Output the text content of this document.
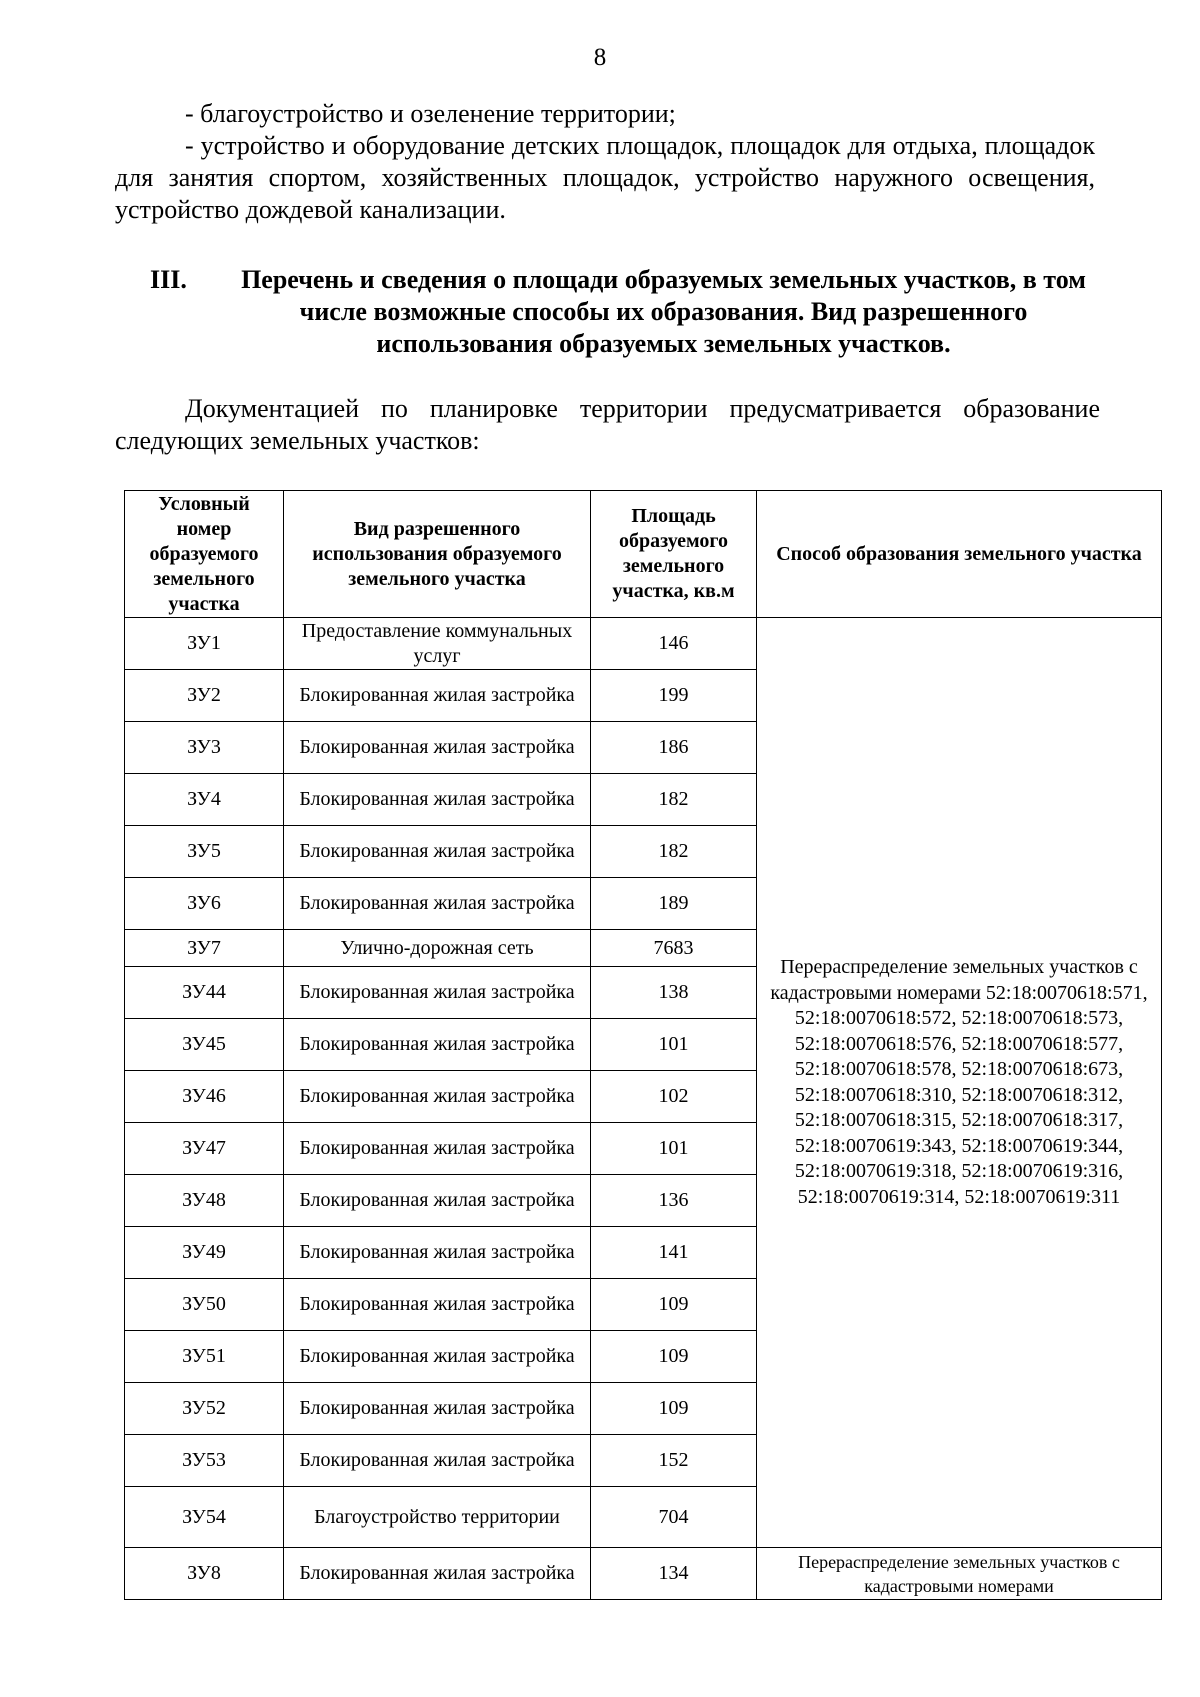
8

- благоустройство и озеленение территории;

- устройство и оборудование детских площадок, площадок для отдыха, площадок для занятия спортом, хозяйственных площадок, устройство наружного освещения, устройство дождевой канализации.

III.	Перечень и сведения о площади образуемых земельных участков, в том числе возможные способы их образования. Вид разрешенного использования образуемых земельных участков.

Документацией по планировке территории предусматривается образование следующих земельных участков:

Условный номер образуемого земельного участка	Вид разрешенного использования образуемого земельного участка	Площадь образуемого земельного участка, кв.м	Способ образования земельного участка
ЗУ1	Предоставление коммунальных услуг	146	Перераспределение земельных участков с кадастровыми номерами 52:18:0070618:571, 52:18:0070618:572, 52:18:0070618:573, 52:18:0070618:576, 52:18:0070618:577, 52:18:0070618:578, 52:18:0070618:673, 52:18:0070618:310, 52:18:0070618:312, 52:18:0070618:315, 52:18:0070618:317, 52:18:0070619:343, 52:18:0070619:344, 52:18:0070619:318, 52:18:0070619:316, 52:18:0070619:314, 52:18:0070619:311
ЗУ2	Блокированная жилая застройка	199	
ЗУ3	Блокированная жилая застройка	186	
ЗУ4	Блокированная жилая застройка	182	
ЗУ5	Блокированная жилая застройка	182	
ЗУ6	Блокированная жилая застройка	189	
ЗУ7	Улично-дорожная сеть	7683	
ЗУ44	Блокированная жилая застройка	138	
ЗУ45	Блокированная жилая застройка	101	
ЗУ46	Блокированная жилая застройка	102	
ЗУ47	Блокированная жилая застройка	101	
ЗУ48	Блокированная жилая застройка	136	
ЗУ49	Блокированная жилая застройка	141	
ЗУ50	Блокированная жилая застройка	109	
ЗУ51	Блокированная жилая застройка	109	
ЗУ52	Блокированная жилая застройка	109	
ЗУ53	Блокированная жилая застройка	152	
ЗУ54	Благоустройство территории	704	
ЗУ8	Блокированная жилая застройка	134	Перераспределение земельных участков с кадастровыми номерами
